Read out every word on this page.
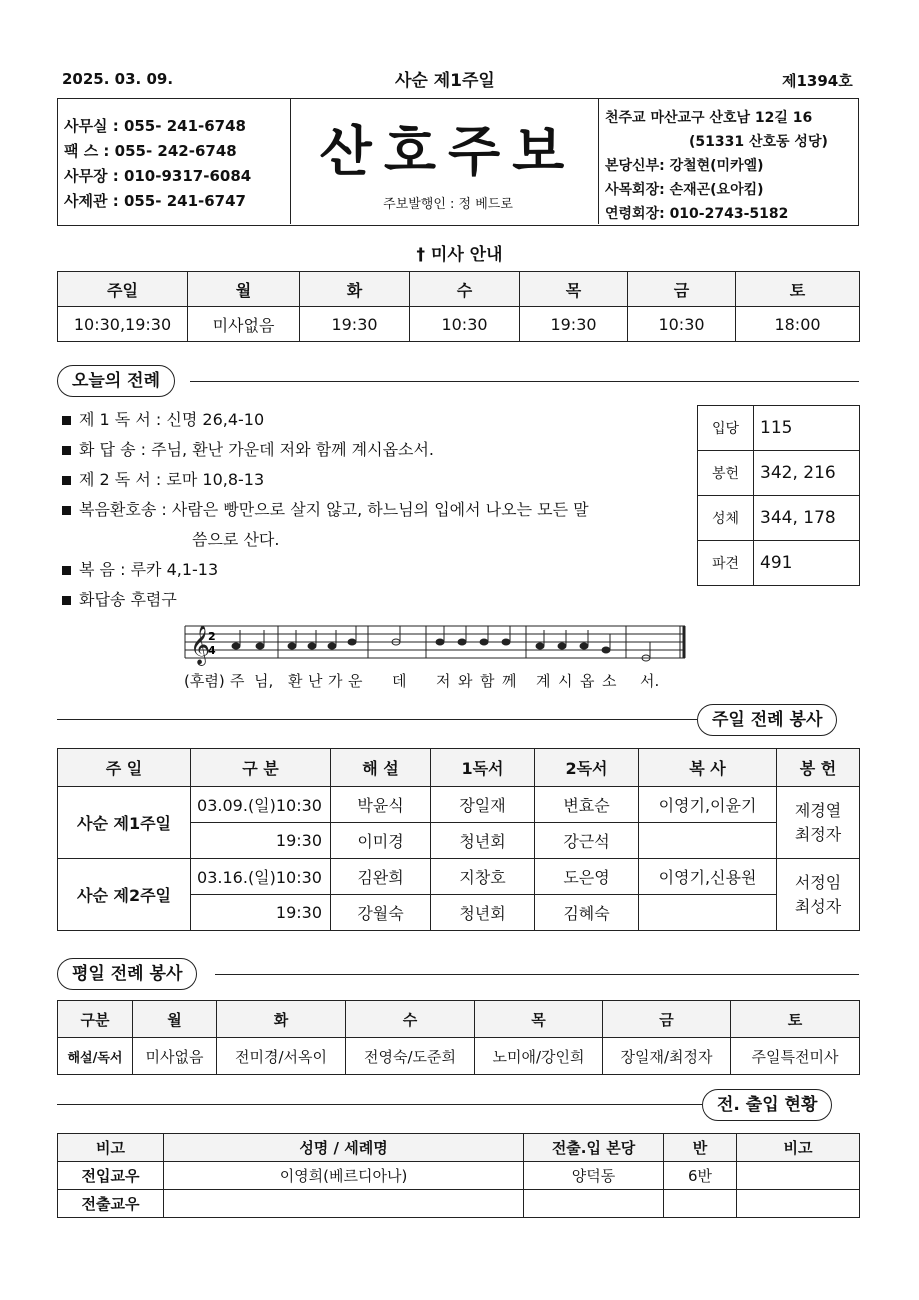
2025. 03. 09.	사순 제1주일	제1394호
사무실 : 055- 241-6748
팩 스 : 055- 242-6748
사무장 : 010-9317-6084
사제관 : 055- 241-6747
산호주보
주보발행인 : 정 베드로
천주교 마산교구 산호남 12길 16
(51331 산호동 성당)
본당신부: 강철현(미카엘)
사목회장: 손재곤(요아킴)
연령회장: 010-2743-5182
† 미사 안내
주일	월	화	수	목	금	토
10:30,19:30	미사없음	19:30	10:30	19:30	10:30	18:00
오늘의 전례
제 1 독 서 : 신명 26,4-10
화 답 송 : 주님, 환난 가운데 저와 함께 계시옵소서.
제 2 독 서 : 로마 10,8-13
복음환호송 : 사람은 빵만으로 살지 않고, 하느님의 입에서 나오는 모든 말
씀으로 산다.
복 음 : 루카 4,1-13
화답송 후렴구
입당	115
봉헌	342, 216
성체	344, 178
파견	491
𝄞
2
4
(후렴) 주 님, 환 난 가 운 데 저 와 함 께 계 시 옵 소 서.
주일 전례 봉사
주 일	구 분	해 설	1독서	2독서	복 사	봉 헌
사순 제1주일	03.09.(일)10:30	박윤식	장일재	변효순	이영기,이윤기	제경열
최정자
	19:30	이미경	청년회	강근석		
사순 제2주일	03.16.(일)10:30	김완희	지창호	도은영	이영기,신용원	서정임
최성자
	19:30	강월숙	청년회	김혜숙		
평일 전례 봉사
구분	월	화	수	목	금	토
해설/독서	미사없음	전미경/서옥이	전영숙/도준희	노미애/강인희	장일재/최정자	주일특전미사
전. 출입 현황
비고	성명 / 세례명	전출.입 본당	반	비고
전입교우	이영희(베르디아나)	양덕동	6반	
전출교우				
